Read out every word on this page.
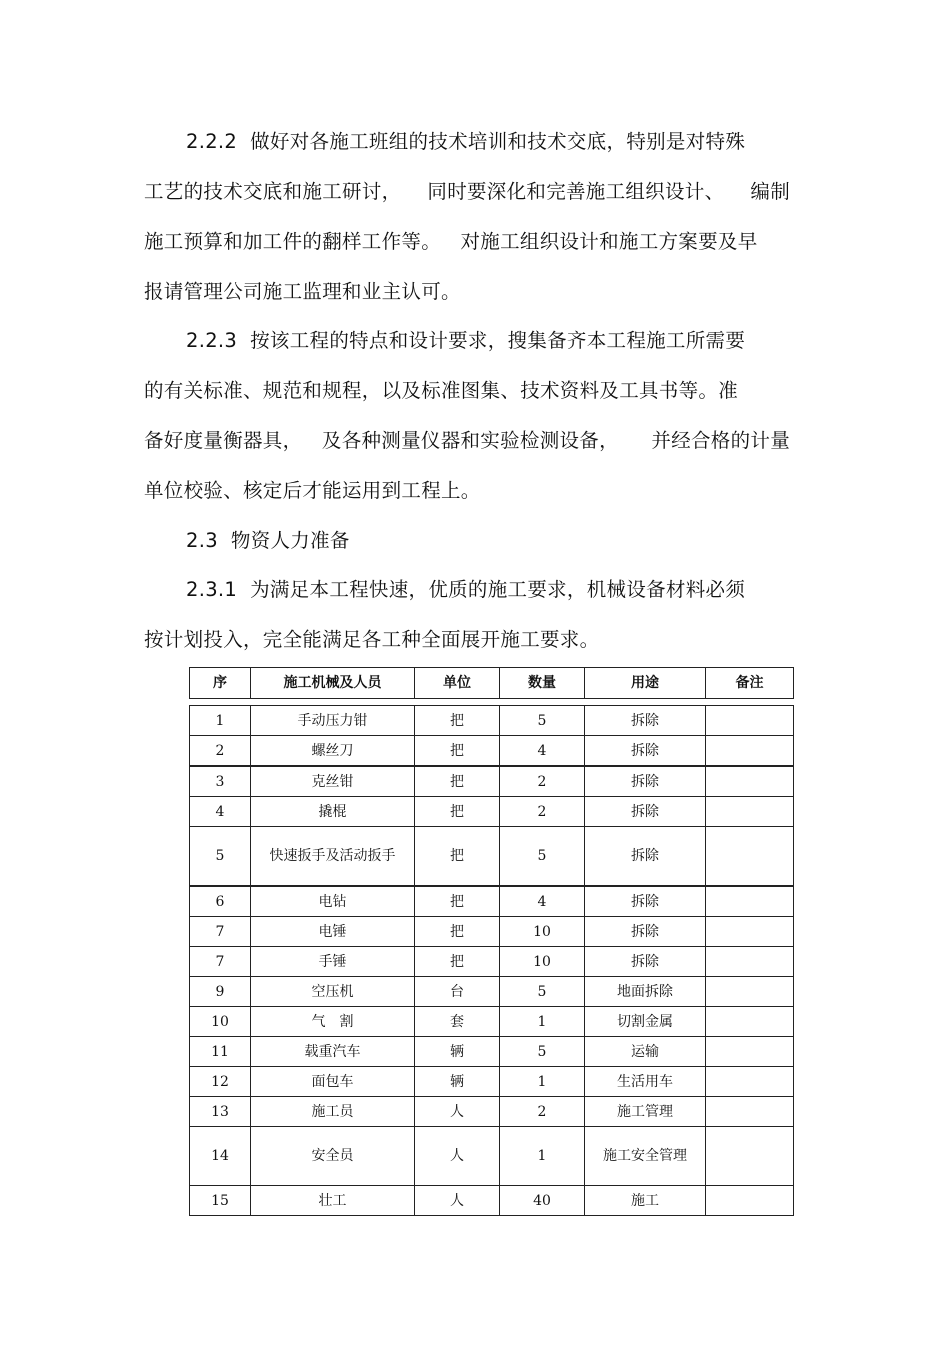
2.2.2  做好对各施工班组的技术培训和技术交底，特别是对特殊
工艺的技术交底和施工研讨，    同时要深化和完善施工组织设计、    编制
施工预算和加工件的翻样工作等。   对施工组织设计和施工方案要及早
报请管理公司施工监理和业主认可。
2.2.3  按该工程的特点和设计要求，搜集备齐本工程施工所需要
的有关标准、规范和规程，以及标准图集、技术资料及工具书等。准
备好度量衡器具，   及各种测量仪器和实验检测设备，     并经合格的计量
单位校验、核定后才能运用到工程上。
2.3  物资人力准备
2.3.1  为满足本工程快速，优质的施工要求，机械设备材料必须
按计划投入，完全能满足各工种全面展开施工要求。
序	施工机械及人员	单位	数量	用途	备注

1	手动压力钳	把	5	拆除	
2	螺丝刀	把	4	拆除	
3	克丝钳	把	2	拆除	
4	撬棍	把	2	拆除	
5	快速扳手及活动扳手	把	5	拆除	
6	电钻	把	4	拆除	
7	电锤	把	10	拆除	
7	手锤	把	10	拆除	
9	空压机	台	5	地面拆除	
10	气　割	套	1	切割金属	
11	载重汽车	辆	5	运输	
12	面包车	辆	1	生活用车	
13	施工员	人	2	施工管理	
14	安全员	人	1	施工安全管理	
15	壮工	人	40	施工	
